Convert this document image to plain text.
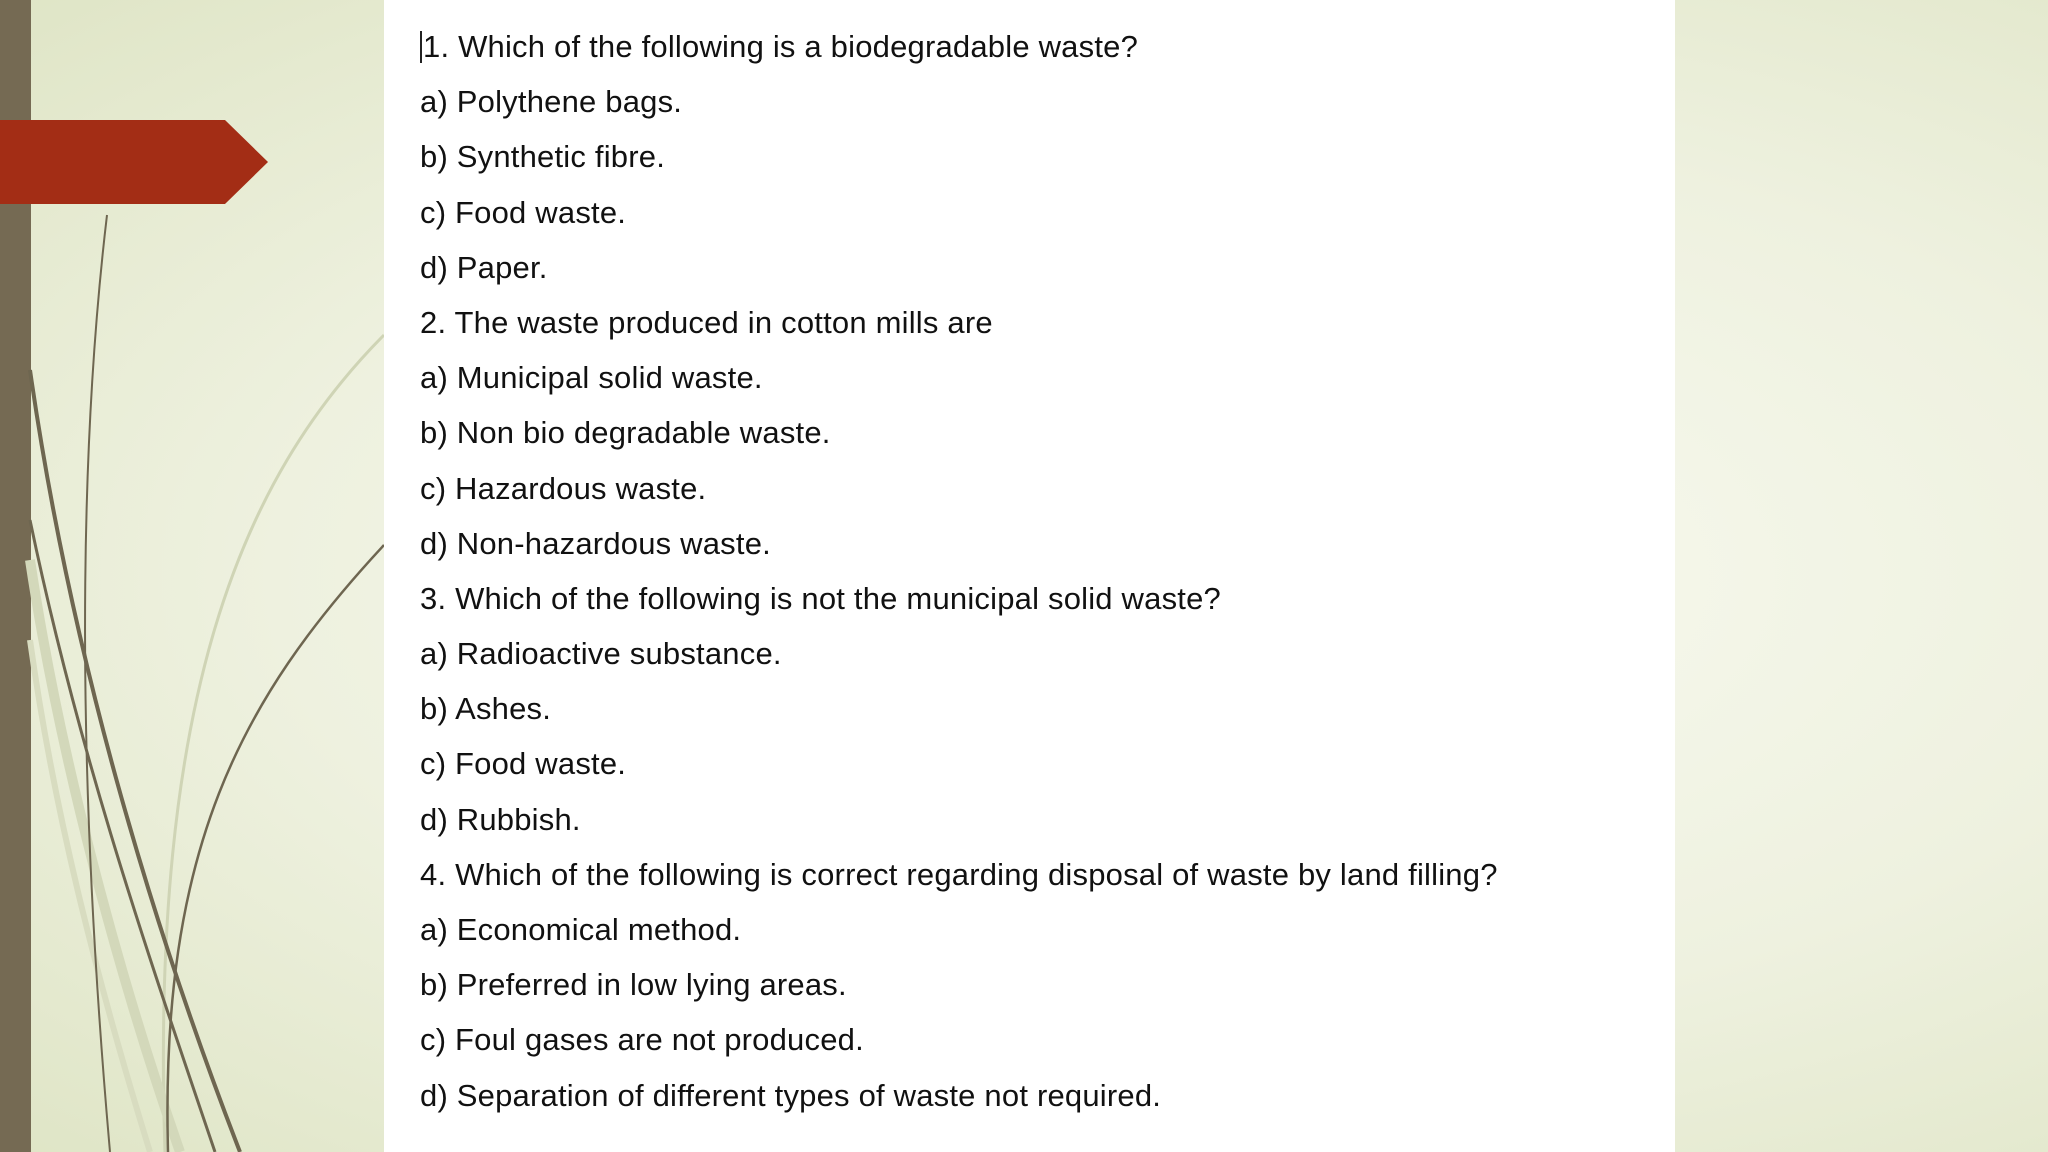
1. Which of the following is a biodegradable waste?
a) Polythene bags.
b) Synthetic fibre.
c) Food waste.
d) Paper.
2. The waste produced in cotton mills are
a) Municipal solid waste.
b) Non bio degradable waste.
c) Hazardous waste.
d) Non-hazardous waste.
3. Which of the following is not the municipal solid waste?
a) Radioactive substance.
b) Ashes.
c) Food waste.
d) Rubbish.
4. Which of the following is correct regarding disposal of waste by land filling?
a) Economical method.
b) Preferred in low lying areas.
c) Foul gases are not produced.
d) Separation of different types of waste not required.
